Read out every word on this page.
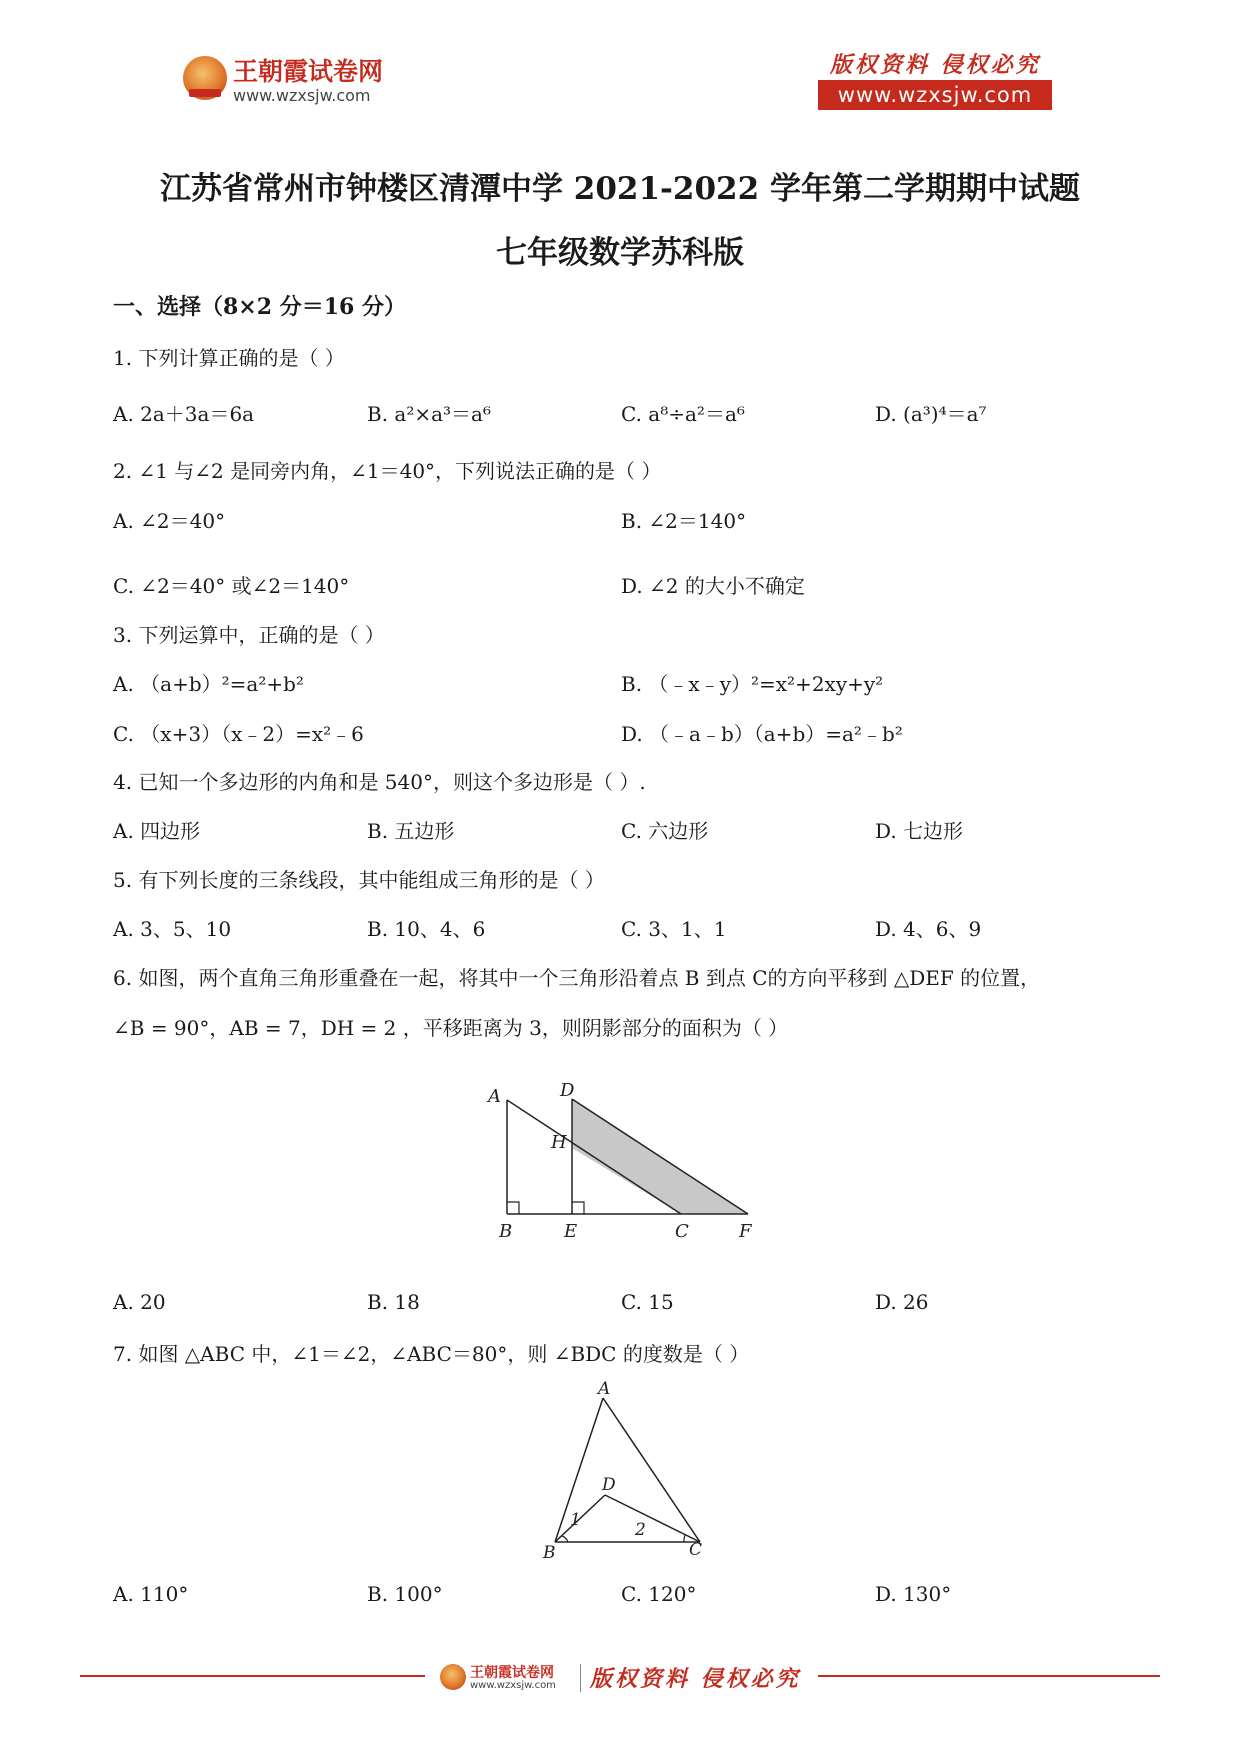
王朝霞试卷网
www.wzxsjw.com
版权资料 侵权必究
www.wzxsjw.com
江苏省常州市钟楼区清潭中学 2021-2022 学年第二学期期中试题
七年级数学苏科版
一、选择（8×2 分＝16 分）
1. 下列计算正确的是（ ）
A. 2a＋3a＝6a	B. a²×a³＝a⁶	C. a⁸÷a²＝a⁶	D. (a³)⁴＝a⁷
2. ∠1 与∠2 是同旁内角，∠1＝40°，下列说法正确的是（ ）
A. ∠2＝40°	B. ∠2＝140°
C. ∠2＝40° 或∠2＝140°	D. ∠2 的大小不确定
3. 下列运算中，正确的是（ ）
A. （a+b）²=a²+b²	B. （﹣x﹣y）²=x²+2xy+y²
C. （x+3）（x﹣2）=x²﹣6	D. （﹣a﹣b）（a+b）=a²﹣b²
4. 已知一个多边形的内角和是 540°，则这个多边形是（ ）.
A. 四边形	B. 五边形	C. 六边形	D. 七边形
5. 有下列长度的三条线段，其中能组成三角形的是（ ）
A. 3、5、10	B. 10、4、6	C. 3、1、1	D. 4、6、9
6. 如图，两个直角三角形重叠在一起，将其中一个三角形沿着点 B 到点 C的方向平移到 △DEF 的位置，
∠B = 90°，AB = 7，DH = 2 ，平移距离为 3，则阴影部分的面积为（ ）
A	D
H
B	E	C	F
A. 20	B. 18	C. 15	D. 26
7. 如图 △ABC 中，∠1＝∠2，∠ABC＝80°，则 ∠BDC 的度数是（ ）
A
D
1	2
B	C
A. 110°	B. 100°	C. 120°	D. 130°
王朝霞试卷网
www.wzxsjw.com 版权资料 侵权必究
